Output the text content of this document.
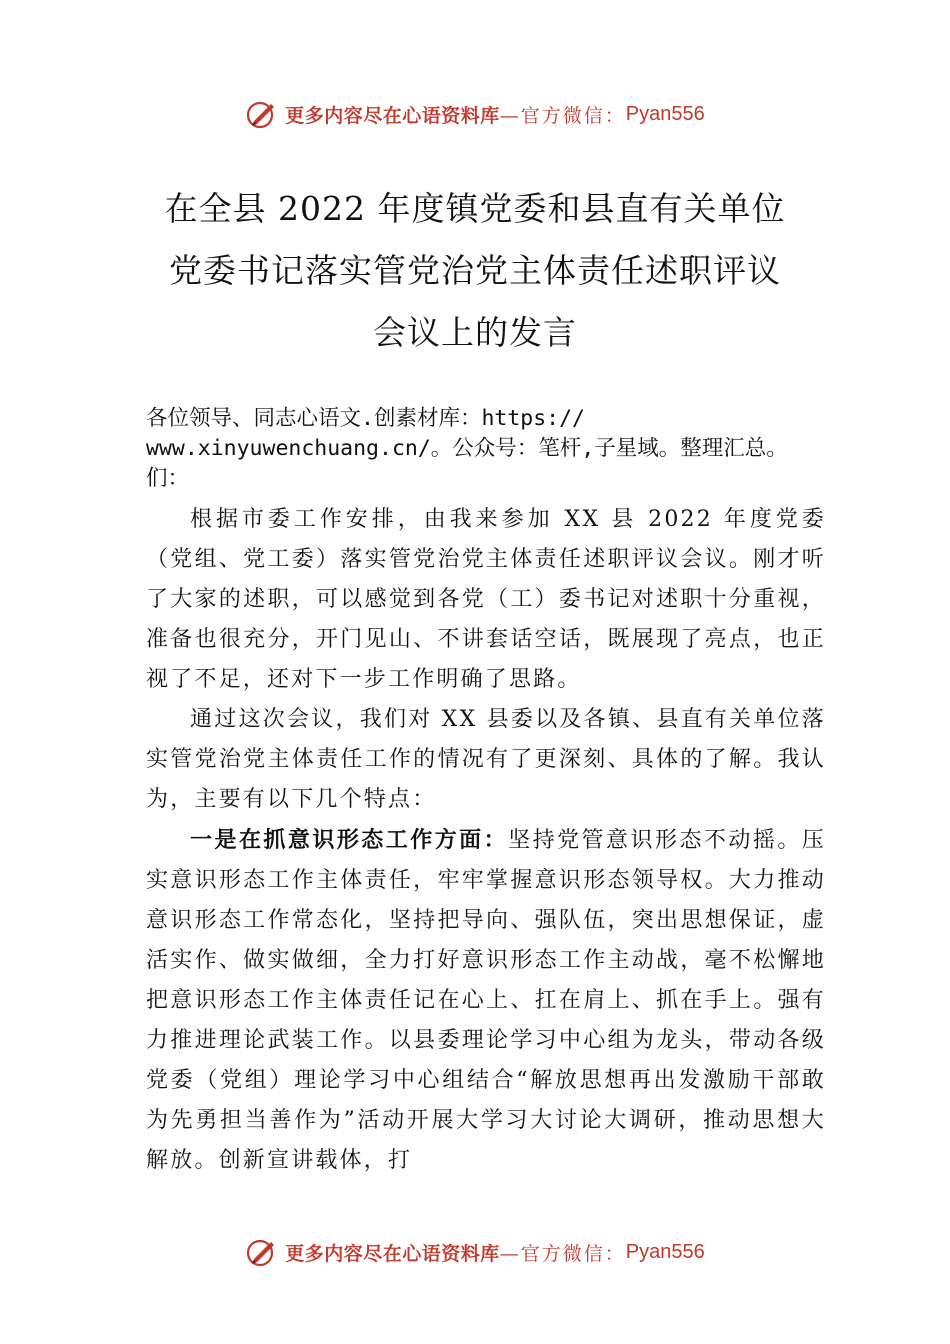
更多内容尽在心语资料库 —官方微信： Pyan556
在全县 2022 年度镇党委和县直有关单位
党委书记落实管党治党主体责任述职评议
会议上的发言
各位领导、同志心语文.创素材库：https://
www.xinyuwenchuang.cn/。公众号：笔杆,子星域。整理汇总。
们：

根据市委工作安排，由我来参加 XX 县 2022 年度党委（党组、党工委）落实管党治党主体责任述职评议会议。刚才听了大家的述职，可以感觉到各党（工）委书记对述职十分重视，准备也很充分，开门见山、不讲套话空话，既展现了亮点，也正视了不足，还对下一步工作明确了思路。

通过这次会议，我们对 XX 县委以及各镇、县直有关单位落实管党治党主体责任工作的情况有了更深刻、具体的了解。我认为，主要有以下几个特点：

一是在抓意识形态工作方面：坚持党管意识形态不动摇。压实意识形态工作主体责任，牢牢掌握意识形态领导权。大力推动意识形态工作常态化，坚持把导向、强队伍，突出思想保证，虚活实作、做实做细，全力打好意识形态工作主动战，毫不松懈地把意识形态工作主体责任记在心上、扛在肩上、抓在手上。强有力推进理论武装工作。以县委理论学习中心组为龙头，带动各级党委（党组）理论学习中心组结合“解放思想再出发激励干部敢为先勇担当善作为”活动开展大学习大讨论大调研，推动思想大解放。创新宣讲载体，打

更多内容尽在心语资料库 —官方微信： Pyan556
